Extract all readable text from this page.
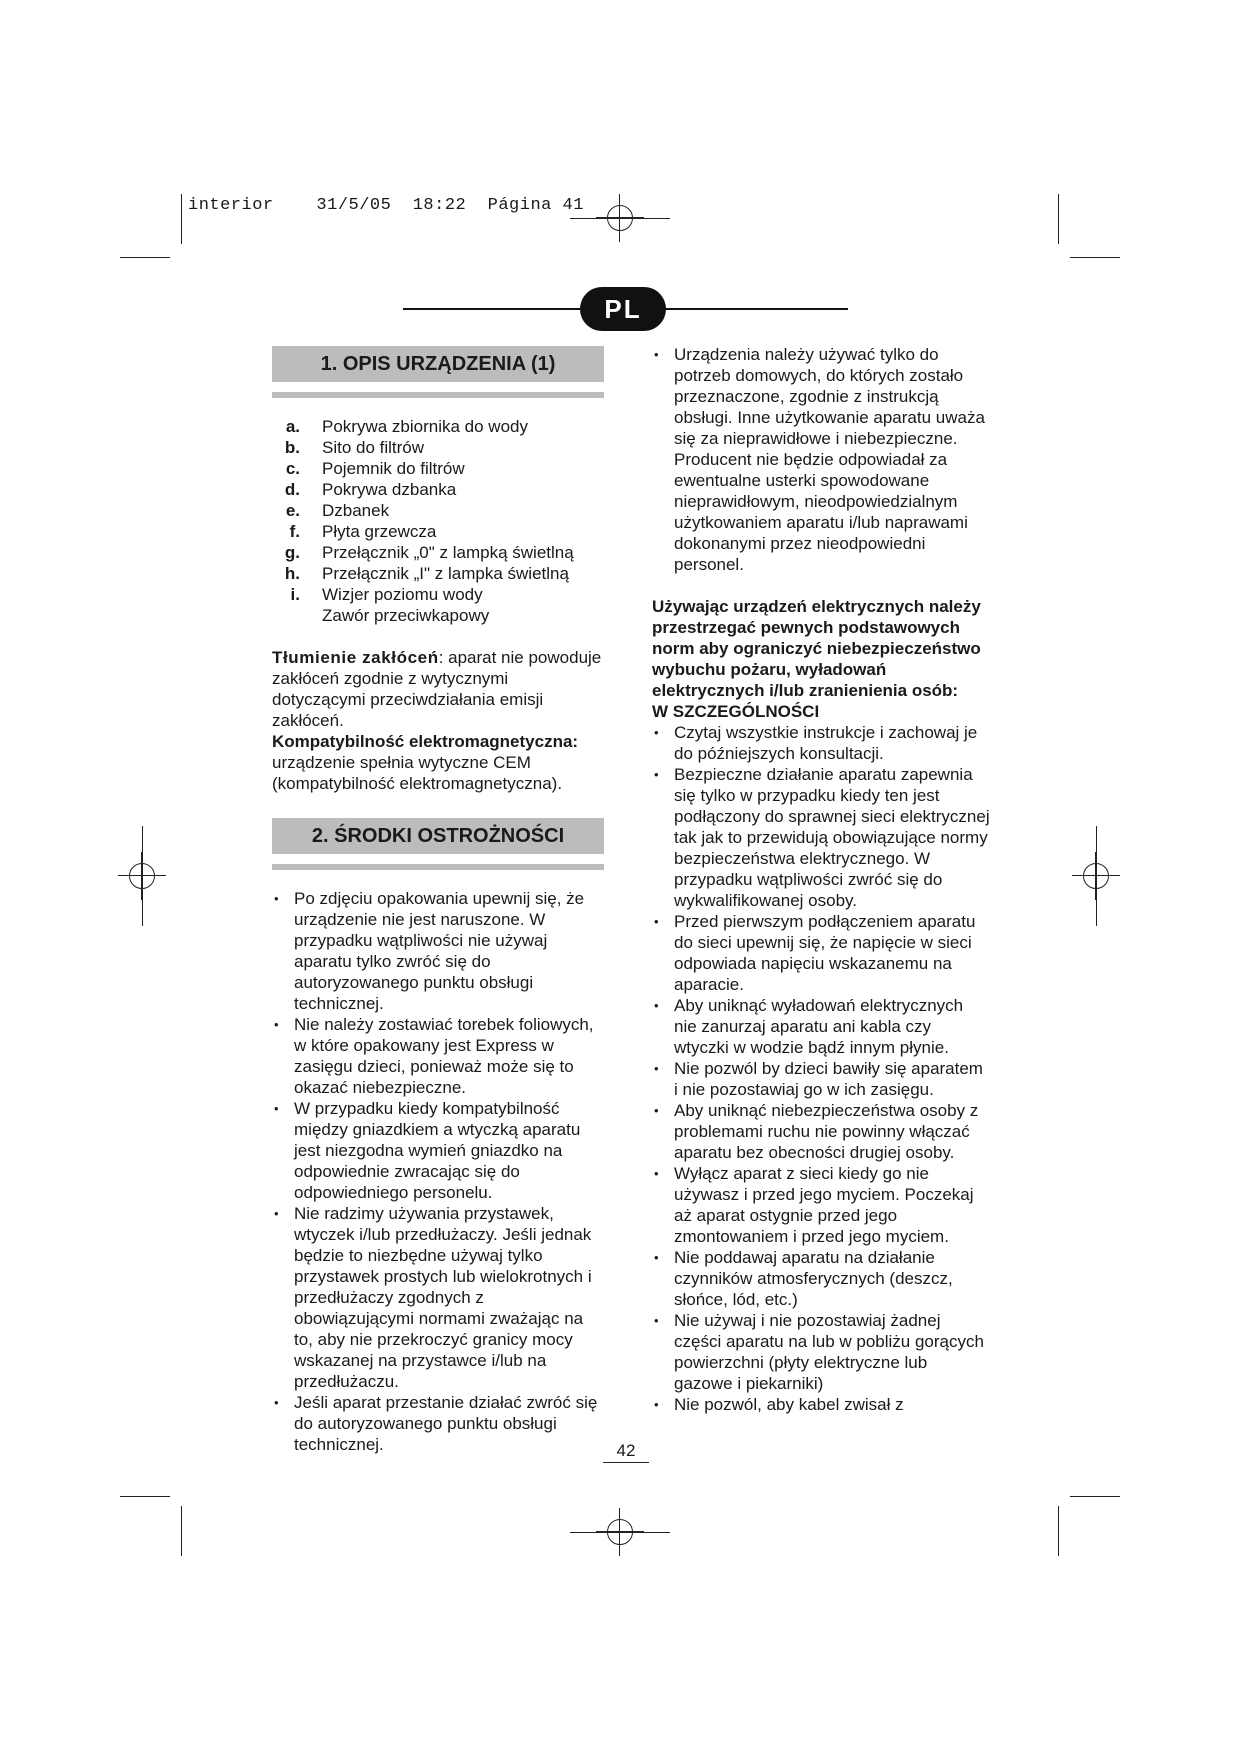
interior    31/5/05  18:22  Página 41
PL
1. OPIS URZĄDZENIA (1)
a. Pokrywa zbiornika do wody
b. Sito do filtrów
c. Pojemnik do filtrów
d. Pokrywa dzbanka
e. Dzbanek
f. Płyta grzewcza
g. Przełącznik „0" z lampką świetlną
h. Przełącznik „I" z lampka świetlną
i. Wizjer poziomu wody
Zawór przeciwkapowy

Tłumienie zakłóceń: aparat nie powoduje zakłóceń zgodnie z wytycznymi dotyczącymi przeciwdziałania emisji zakłóceń.

Kompatybilność elektromagnetyczna: urządzenie spełnia wytyczne CEM (kompatybilność elektromagnetyczna).

2. ŚRODKI OSTROŻNOŚCI
• Po zdjęciu opakowania upewnij się, że urządzenie nie jest naruszone. W przypadku wątpliwości nie używaj aparatu tylko zwróć się do autoryzowanego punktu obsługi technicznej.
• Nie należy zostawiać torebek foliowych, w które opakowany jest Express w zasięgu dzieci, ponieważ może się to okazać niebezpieczne.
• W przypadku kiedy kompatybilność między gniazdkiem a wtyczką aparatu jest niezgodna wymień gniazdko na odpowiednie zwracając się do odpowiedniego personelu.
• Nie radzimy używania przystawek, wtyczek i/lub przedłużaczy. Jeśli jednak będzie to niezbędne używaj tylko przystawek prostych lub wielokrotnych i przedłużaczy zgodnych z obowiązującymi normami zważając na to, aby nie przekroczyć granicy mocy wskazanej na przystawce i/lub na przedłużaczu.
• Jeśli aparat przestanie działać zwróć się do autoryzowanego punktu obsługi technicznej.
• Urządzenia należy używać tylko do potrzeb domowych, do których zostało przeznaczone, zgodnie z instrukcją obsługi. Inne użytkowanie aparatu uważa się za nieprawidłowe i niebezpieczne. Producent nie będzie odpowiadał za ewentualne usterki spowodowane nieprawidłowym, nieodpowiedzialnym użytkowaniem aparatu i/lub naprawami dokonanymi przez nieodpowiedni personel.

Używając urządzeń elektrycznych należy przestrzegać pewnych podstawowych norm aby ograniczyć niebezpieczeństwo wybuchu pożaru, wyładowań elektrycznych i/lub zranienienia osób:

W SZCZEGÓLNOŚCI

• Czytaj wszystkie instrukcje i zachowaj je do późniejszych konsultacji.
• Bezpieczne działanie aparatu zapewnia się tylko w przypadku kiedy ten jest podłączony do sprawnej sieci elektrycznej tak jak to przewidują obowiązujące normy bezpieczeństwa elektrycznego. W przypadku wątpliwości zwróć się do wykwalifikowanej osoby.
• Przed pierwszym podłączeniem aparatu do sieci upewnij się, że napięcie w sieci odpowiada napięciu wskazanemu na aparacie.
• Aby uniknąć wyładowań elektrycznych nie zanurzaj aparatu ani kabla czy wtyczki w wodzie bądź innym płynie.
• Nie pozwól by dzieci bawiły się aparatem i nie pozostawiaj go w ich zasięgu.
• Aby uniknąć niebezpieczeństwa osoby z problemami ruchu nie powinny włączać aparatu bez obecności drugiej osoby.
• Wyłącz aparat z sieci kiedy go nie używasz i przed jego myciem. Poczekaj aż aparat ostygnie przed jego zmontowaniem i przed jego myciem.
• Nie poddawaj aparatu na działanie czynników atmosferycznych (deszcz, słońce, lód, etc.)
• Nie używaj i nie pozostawiaj żadnej części aparatu na lub w pobliżu gorących powierzchni (płyty elektryczne lub gazowe i piekarniki)
• Nie pozwól, aby kabel zwisał z
42
